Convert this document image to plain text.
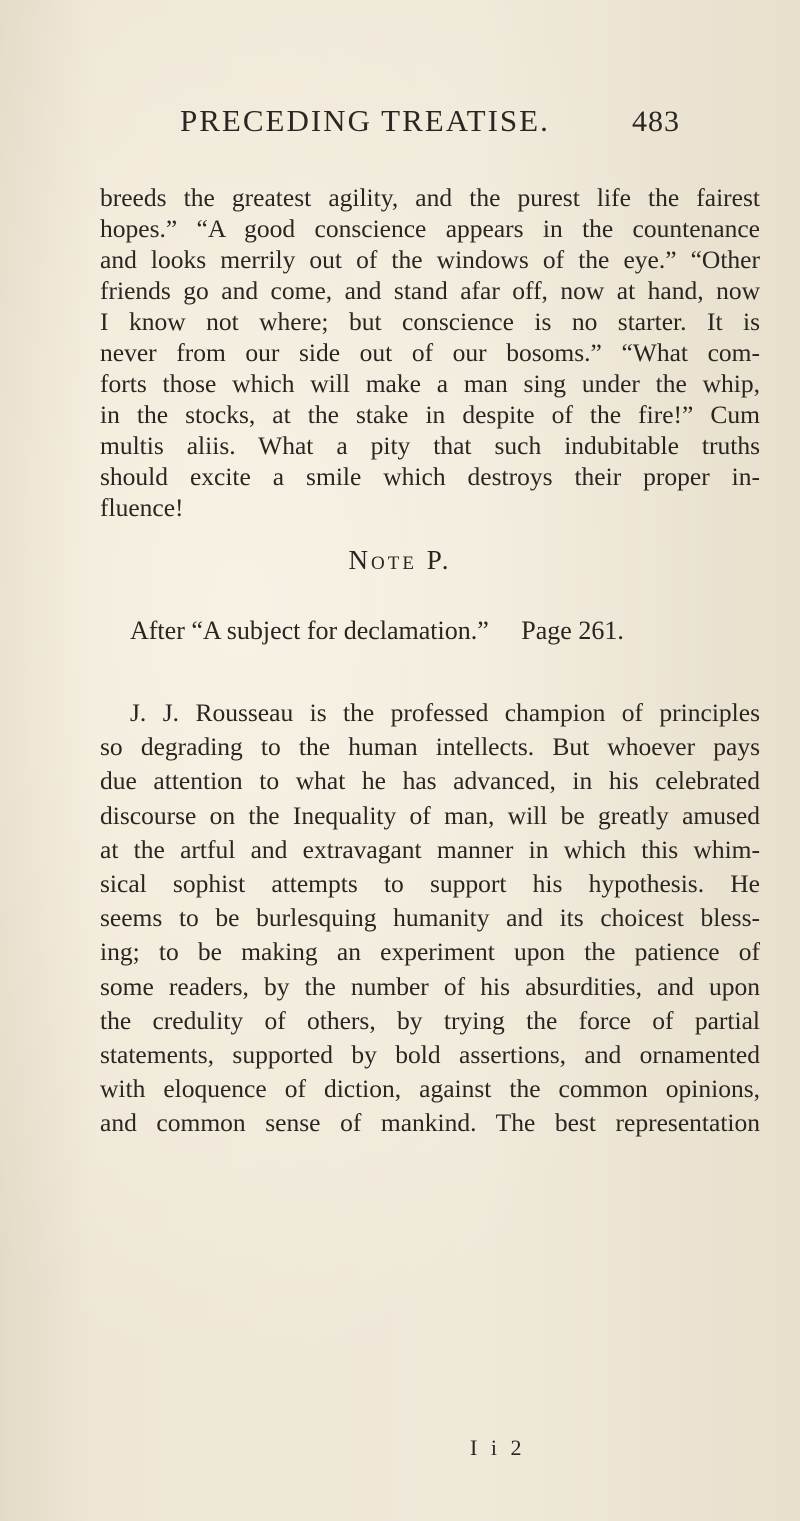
PRECEDING TREATISE.	483
breeds the greatest agility, and the purest life the fairest
hopes.” “A good conscience appears in the countenance
and looks merrily out of the windows of the eye.” “Other
friends go and come, and stand afar off, now at hand, now
I know not where; but conscience is no starter. It is
never from our side out of our bosoms.” “What com-
forts those which will make a man sing under the whip,
in the stocks, at the stake in despite of the fire!” Cum
multis aliis. What a pity that such indubitable truths
should excite a smile which destroys their proper in-
fluence!
Note P.
After “A subject for declamation.” Page 261.
J. J. Rousseau is the professed champion of principles
so degrading to the human intellects. But whoever pays
due attention to what he has advanced, in his celebrated
discourse on the Inequality of man, will be greatly amused
at the artful and extravagant manner in which this whim-
sical sophist attempts to support his hypothesis. He
seems to be burlesquing humanity and its choicest bless-
ing; to be making an experiment upon the patience of
some readers, by the number of his absurdities, and upon
the credulity of others, by trying the force of partial
statements, supported by bold assertions, and ornamented
with eloquence of diction, against the common opinions,
and common sense of mankind. The best representation
I i 2
